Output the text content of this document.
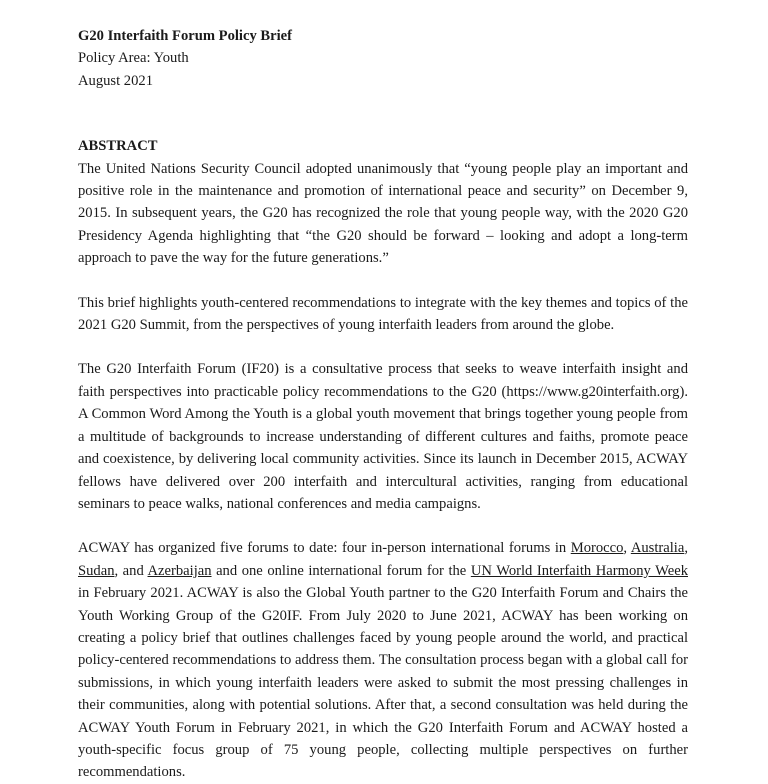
G20 Interfaith Forum Policy Brief

Policy Area: Youth

August 2021

ABSTRACT

The United Nations Security Council adopted unanimously that “young people play an important and positive role in the maintenance and promotion of international peace and security” on December 9, 2015. In subsequent years, the G20 has recognized the role that young people way, with the 2020 G20 Presidency Agenda highlighting that “the G20 should be forward – looking and adopt a long-term approach to pave the way for the future generations.”

This brief highlights youth-centered recommendations to integrate with the key themes and topics of the 2021 G20 Summit, from the perspectives of young interfaith leaders from around the globe.

The G20 Interfaith Forum (IF20) is a consultative process that seeks to weave interfaith insight and faith perspectives into practicable policy recommendations to the G20 (https://www.g20interfaith.org). A Common Word Among the Youth is a global youth movement that brings together young people from a multitude of backgrounds to increase understanding of different cultures and faiths, promote peace and coexistence, by delivering local community activities. Since its launch in December 2015, ACWAY fellows have delivered over 200 interfaith and intercultural activities, ranging from educational seminars to peace walks, national conferences and media campaigns.

ACWAY has organized five forums to date: four in-person international forums in Morocco, Australia, Sudan, and Azerbaijan and one online international forum for the UN World Interfaith Harmony Week in February 2021. ACWAY is also the Global Youth partner to the G20 Interfaith Forum and Chairs the Youth Working Group of the G20IF. From July 2020 to June 2021, ACWAY has been working on creating a policy brief that outlines challenges faced by young people around the world, and practical policy-centered recommendations to address them. The consultation process began with a global call for submissions, in which young interfaith leaders were asked to submit the most pressing challenges in their communities, along with potential solutions. After that, a second consultation was held during the ACWAY Youth Forum in February 2021, in which the G20 Interfaith Forum and ACWAY hosted a youth-specific focus group of 75 young people, collecting multiple perspectives on further recommendations.
